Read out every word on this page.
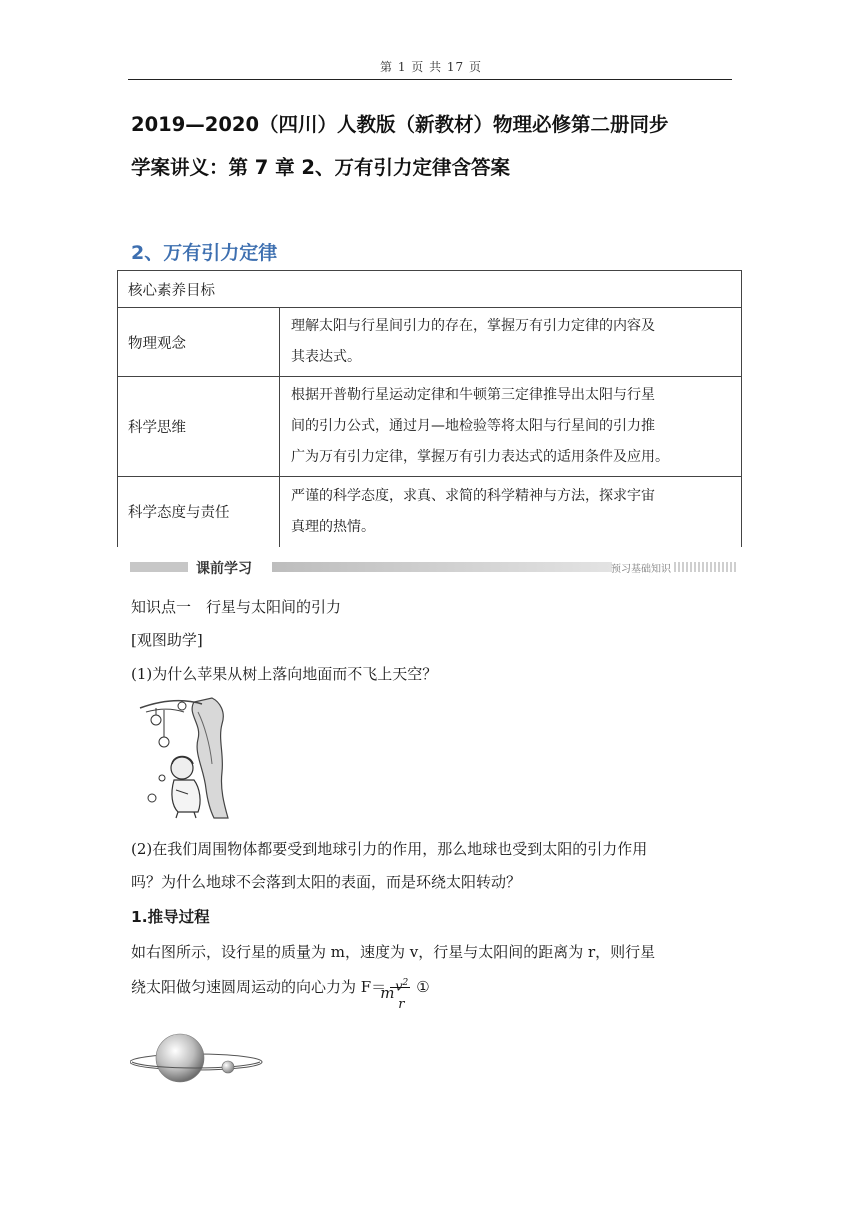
第 1 页 共 17 页
2019—2020（四川）人教版（新教材）物理必修第二册同步
学案讲义：第 7 章 2、万有引力定律含答案
2、万有引力定律
核心素养目标	
物理观念	理解太阳与行星间引力的存在，掌握万有引力定律的内容及
其表达式。

科学思维	根据开普勒行星运动定律和牛顿第三定律推导出太阳与行星
间的引力公式，通过月—地检验等将太阳与行星间的引力推
广为万有引力定律，掌握万有引力表达式的适用条件及应用。

科学态度与责任	严谨的科学态度，求真、求简的科学精神与方法，探求宇宙
真理的热情。
课前学习	预习基础知识
知识点一　行星与太阳间的引力
[观图助学]
(1)为什么苹果从树上落向地面而不飞上天空？
(2)在我们周围物体都要受到地球引力的作用，那么地球也受到太阳的引力作用
吗？为什么地球不会落到太阳的表面，而是环绕太阳转动？
1.推导过程
如右图所示，设行星的质量为 m，速度为 v，行星与太阳间的距离为 r，则行星
绕太阳做匀速圆周运动的向心力为 F＝
m $v^2$
r
①
